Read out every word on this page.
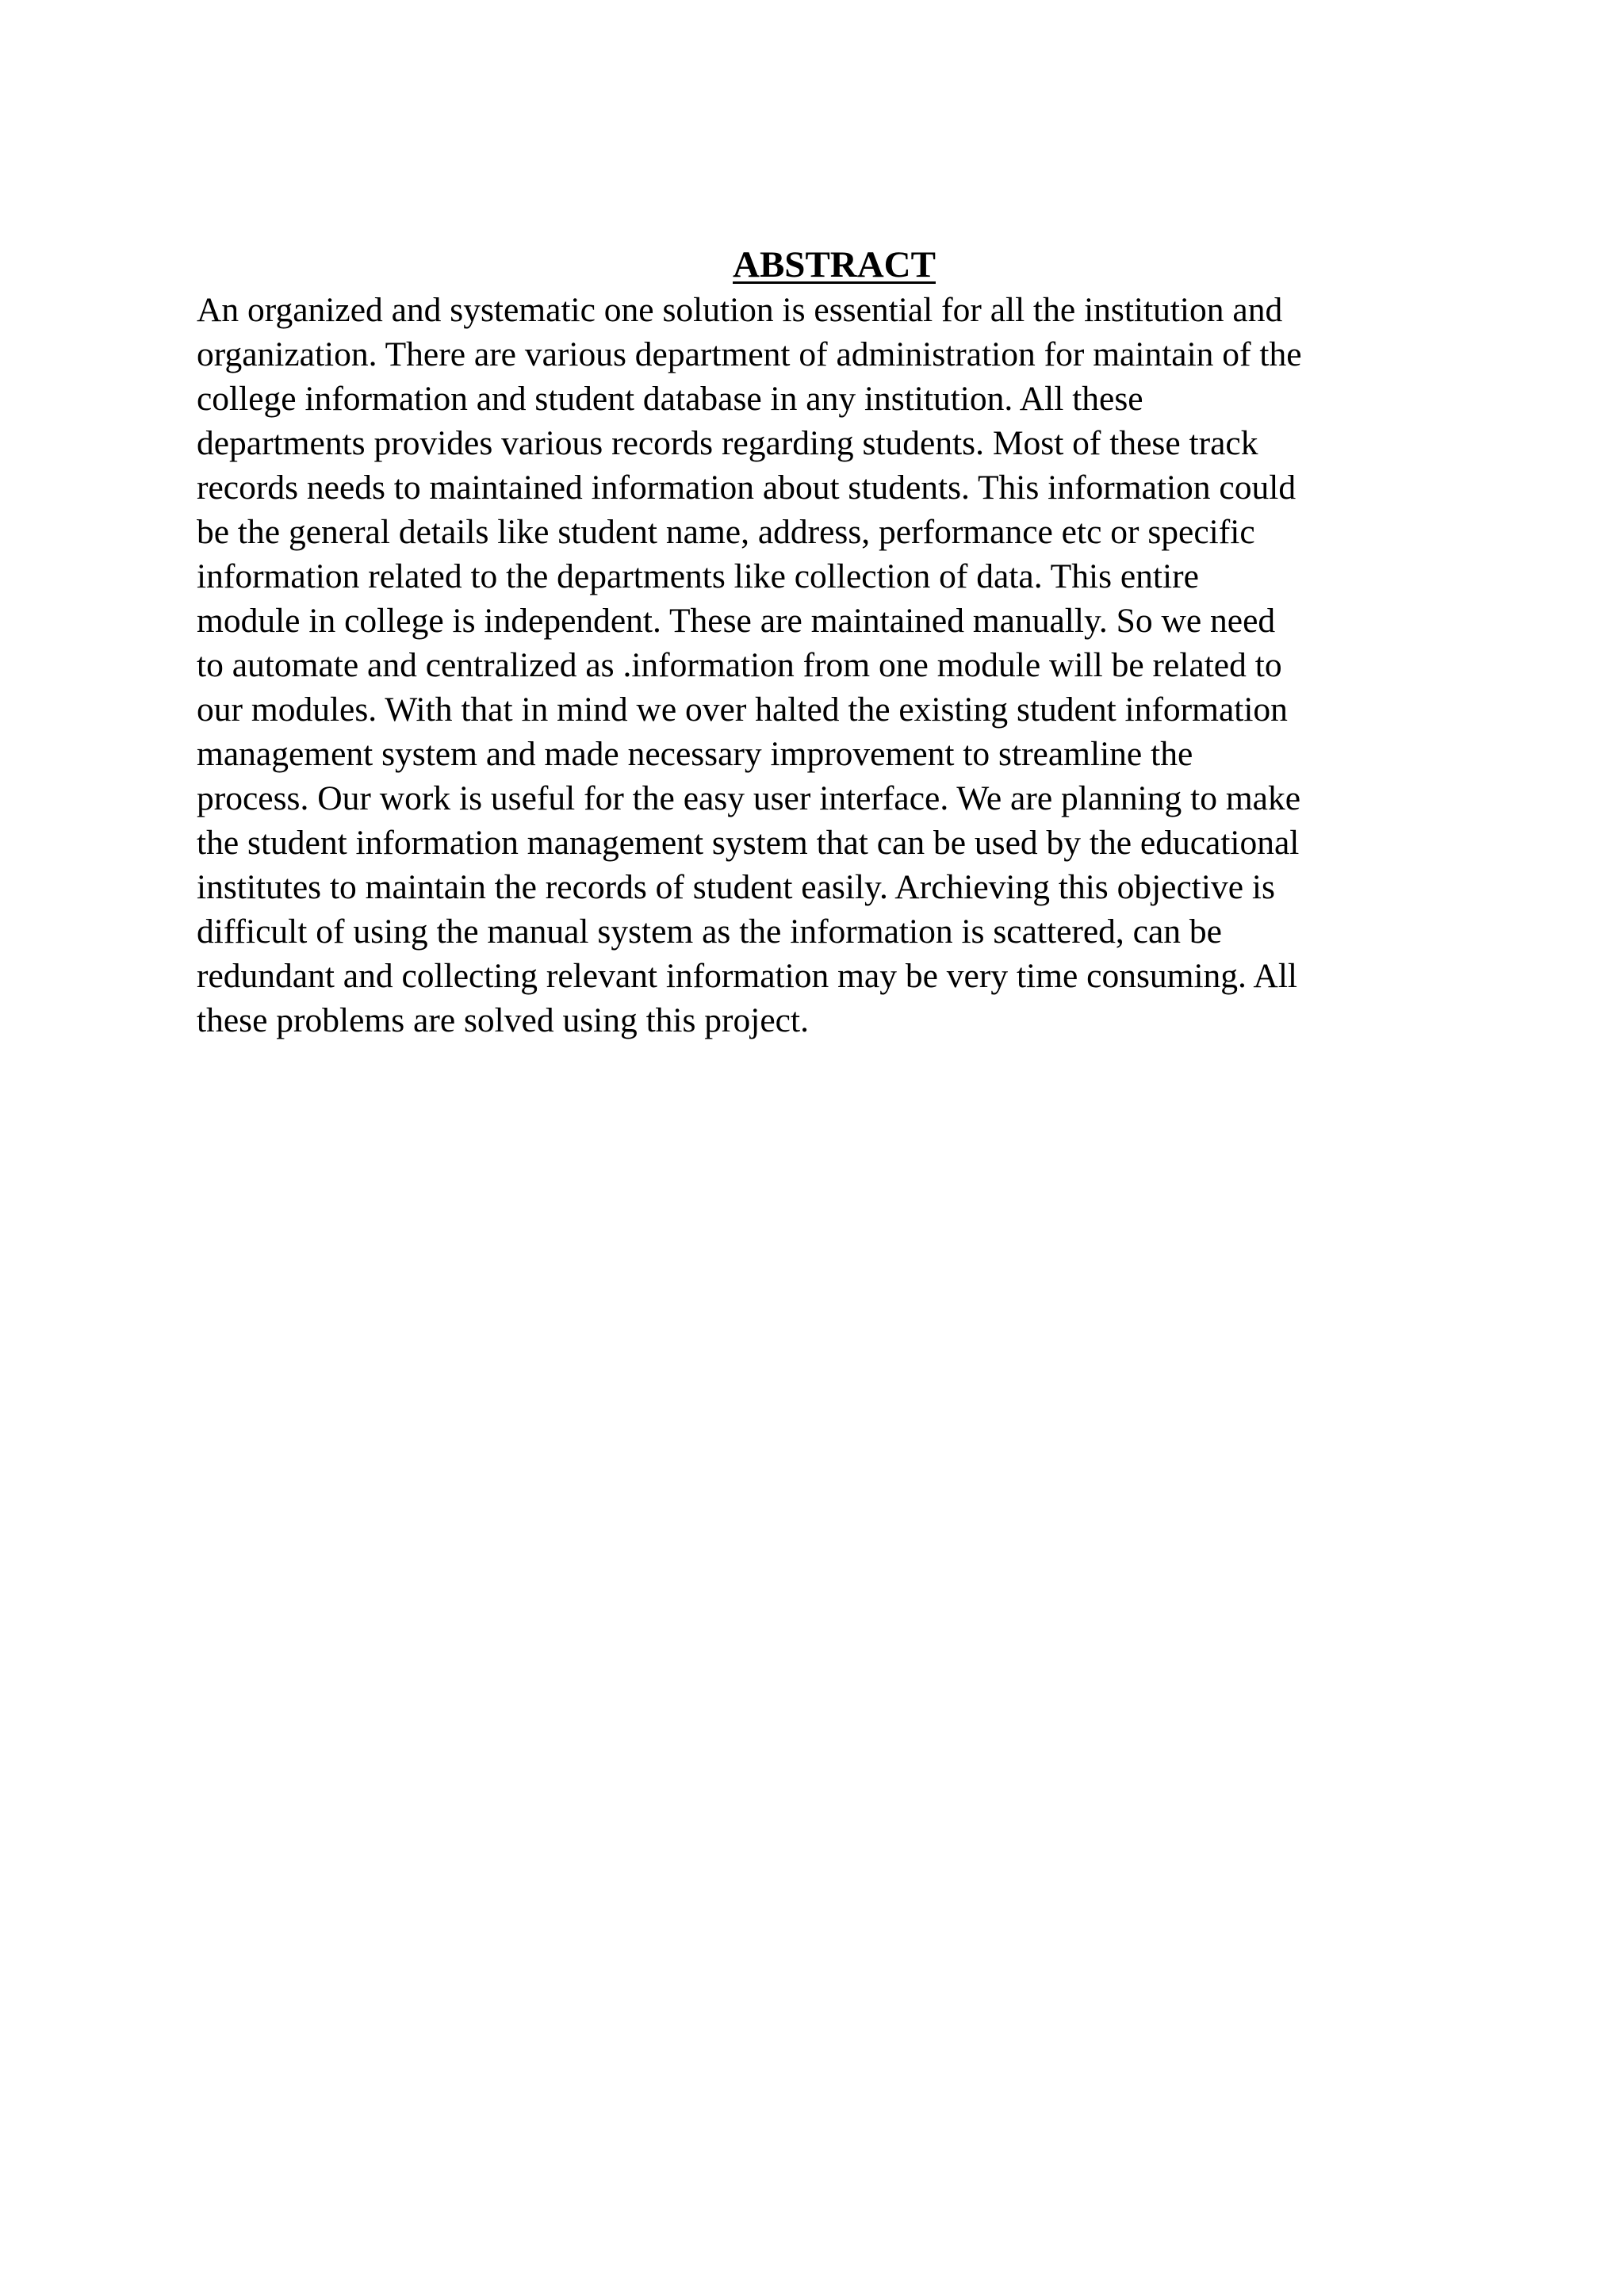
ABSTRACT

An organized and systematic one solution is essential for all the institution and
organization. There are various department of administration for maintain of the
college information and student database in any institution. All these
departments provides various records regarding students. Most of these track
records needs to maintained information about students. This information could
be the general details like student name, address, performance etc or specific
information related to the departments like collection of data. This entire
module in college is independent. These are maintained manually. So we need
to automate and centralized as .information from one module will be related to
our modules. With that in mind we over halted the existing student information
management system and made necessary improvement to streamline the
process. Our work is useful for the easy user interface. We are planning to make
the student information management system that can be used by the educational
institutes to maintain the records of student easily. Archieving this objective is
difficult of using the manual system as the information is scattered, can be
redundant and collecting relevant information may be very time consuming. All
these problems are solved using this project.
